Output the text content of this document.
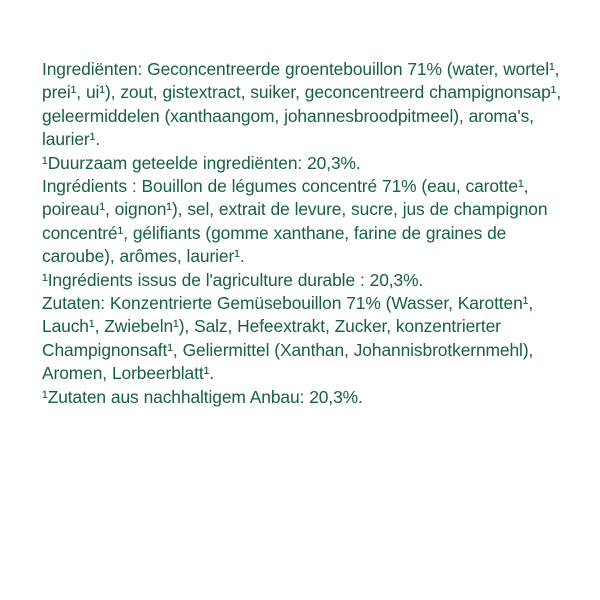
Ingrediënten: Geconcentreerde groentebouillon 71% (water, wortel¹, prei¹, ui¹), zout, gistextract, suiker, geconcentreerd champignonsap¹, geleermiddelen (xanthaangom, johannesbroodpitmeel), aroma's, laurier¹.

¹Duurzaam geteelde ingrediënten: 20,3%.

Ingrédients : Bouillon de légumes concentré 71% (eau, carotte¹, poireau¹, oignon¹), sel, extrait de levure, sucre, jus de champignon concentré¹, gélifiants (gomme xanthane, farine de graines de caroube), arômes, laurier¹.

¹Ingrédients issus de l'agriculture durable : 20,3%.

Zutaten: Konzentrierte Gemüsebouillon 71% (Wasser, Karotten¹, Lauch¹, Zwiebeln¹), Salz, Hefeextrakt, Zucker, konzentrierter Champignonsaft¹, Geliermittel (Xanthan, Johannisbrotkernmehl), Aromen, Lorbeerblatt¹.

¹Zutaten aus nachhaltigem Anbau: 20,3%.
